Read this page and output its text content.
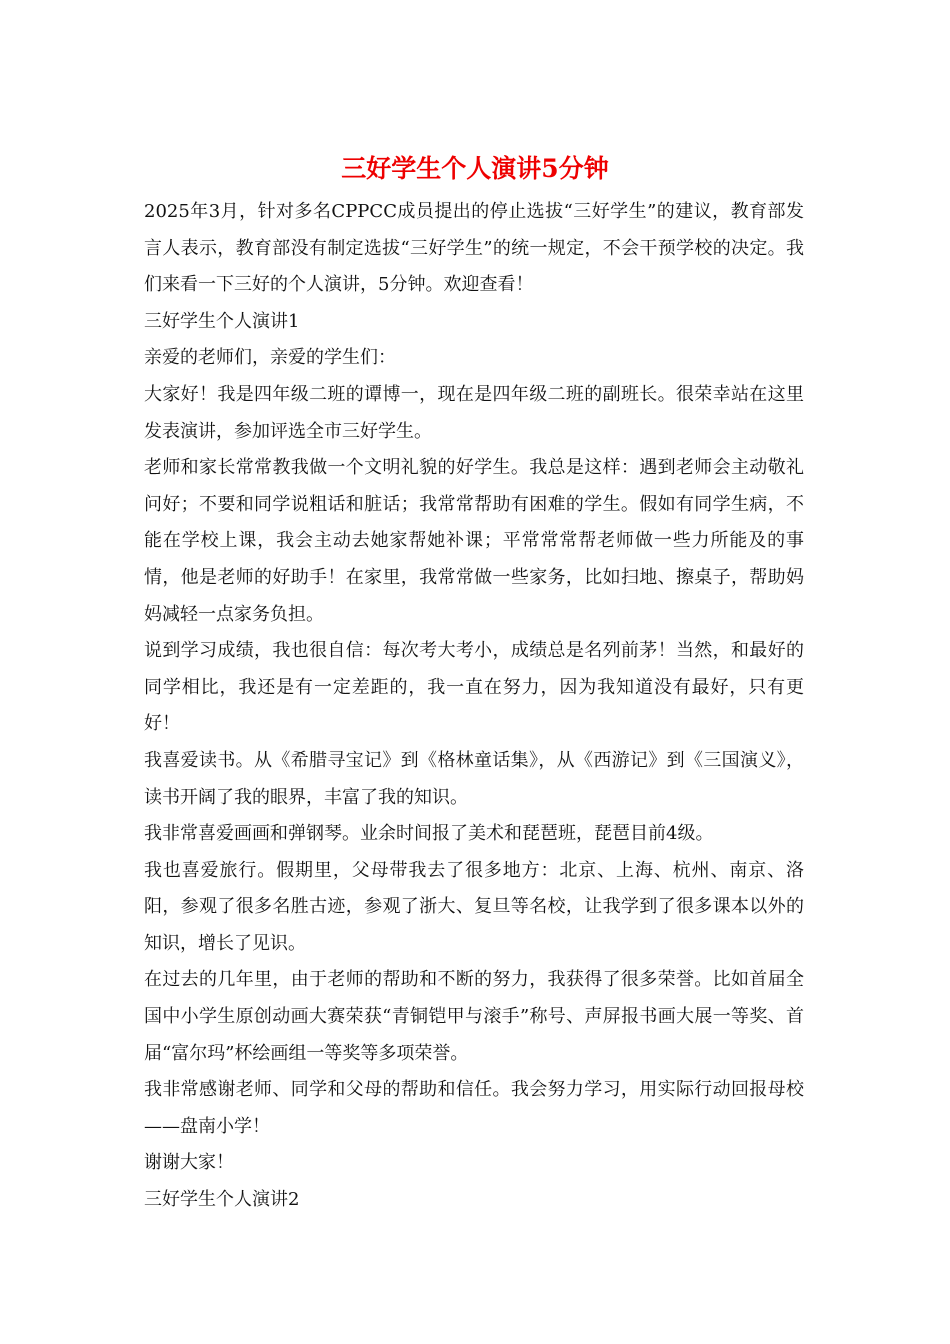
三好学生个人演讲5分钟

2025年3月，针对多名CPPCC成员提出的停止选拔“三好学生”的建议，教育部发言人表示，教育部没有制定选拔“三好学生”的统一规定，不会干预学校的决定。我们来看一下三好的个人演讲，5分钟。欢迎查看！

三好学生个人演讲1

亲爱的老师们，亲爱的学生们：

大家好！我是四年级二班的谭博一，现在是四年级二班的副班长。很荣幸站在这里发表演讲，参加评选全市三好学生。

老师和家长常常教我做一个文明礼貌的好学生。我总是这样：遇到老师会主动敬礼问好；不要和同学说粗话和脏话；我常常帮助有困难的学生。假如有同学生病，不能在学校上课，我会主动去她家帮她补课；平常常常帮老师做一些力所能及的事情，他是老师的好助手！在家里，我常常做一些家务，比如扫地、擦桌子，帮助妈妈减轻一点家务负担。

说到学习成绩，我也很自信：每次考大考小，成绩总是名列前茅！当然，和最好的同学相比，我还是有一定差距的，我一直在努力，因为我知道没有最好，只有更好！

我喜爱读书。从《希腊寻宝记》到《格林童话集》，从《西游记》到《三国演义》，读书开阔了我的眼界，丰富了我的知识。

我非常喜爱画画和弹钢琴。业余时间报了美术和琵琶班，琵琶目前4级。

我也喜爱旅行。假期里，父母带我去了很多地方：北京、上海、杭州、南京、洛阳，参观了很多名胜古迹，参观了浙大、复旦等名校，让我学到了很多课本以外的知识，增长了见识。

在过去的几年里，由于老师的帮助和不断的努力，我获得了很多荣誉。比如首届全国中小学生原创动画大赛荣获“青铜铠甲与滚手”称号、声屏报书画大展一等奖、首届“富尔玛”杯绘画组一等奖等多项荣誉。

我非常感谢老师、同学和父母的帮助和信任。我会努力学习，用实际行动回报母校——盘南小学！

谢谢大家！

三好学生个人演讲2
